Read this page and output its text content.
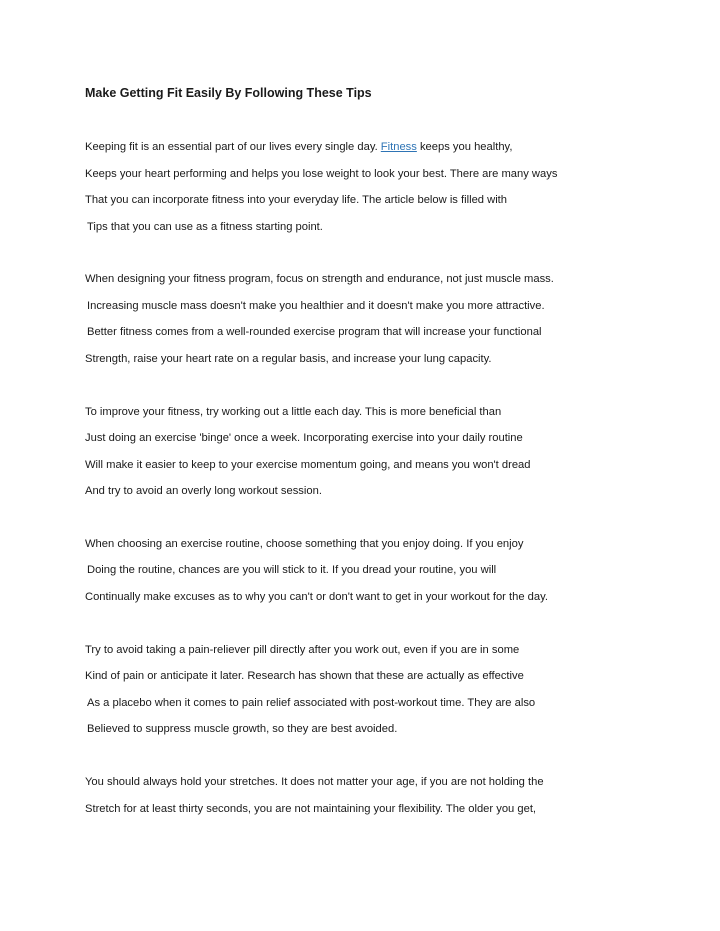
Make Getting Fit Easily By Following These Tips

Keeping fit is an essential part of our lives every single day. Fitness keeps you healthy,

Keeps your heart performing and helps you lose weight to look your best. There are many ways

That you can incorporate fitness into your everyday life. The article below is filled with

Tips that you can use as a fitness starting point.

When designing your fitness program, focus on strength and endurance, not just muscle mass.

Increasing muscle mass doesn't make you healthier and it doesn't make you more attractive.

Better fitness comes from a well-rounded exercise program that will increase your functional

Strength, raise your heart rate on a regular basis, and increase your lung capacity.

To improve your fitness, try working out a little each day. This is more beneficial than

Just doing an exercise 'binge' once a week. Incorporating exercise into your daily routine

Will make it easier to keep to your exercise momentum going, and means you won't dread

And try to avoid an overly long workout session.

When choosing an exercise routine, choose something that you enjoy doing. If you enjoy

Doing the routine, chances are you will stick to it. If you dread your routine, you will

Continually make excuses as to why you can't or don't want to get in your workout for the day.

Try to avoid taking a pain-reliever pill directly after you work out, even if you are in some

Kind of pain or anticipate it later. Research has shown that these are actually as effective

As a placebo when it comes to pain relief associated with post-workout time. They are also

Believed to suppress muscle growth, so they are best avoided.

You should always hold your stretches. It does not matter your age, if you are not holding the

Stretch for at least thirty seconds, you are not maintaining your flexibility. The older you get,
